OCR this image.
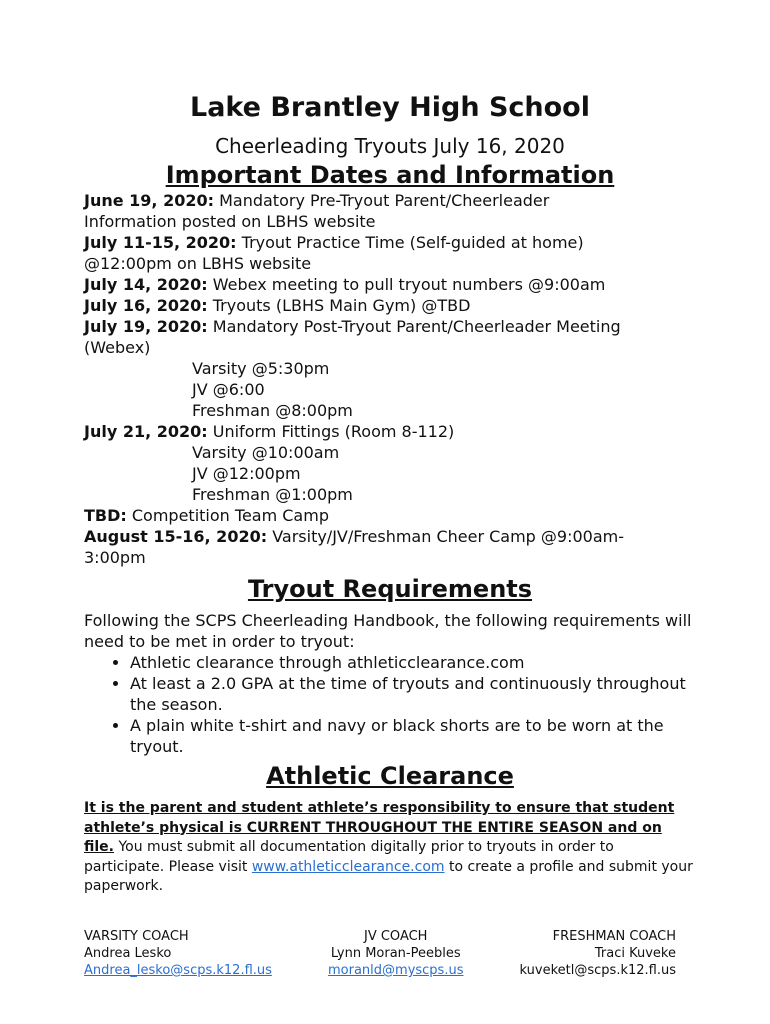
Lake Brantley High School

Cheerleading Tryouts July 16, 2020

Important Dates and Information

June 19, 2020: Mandatory Pre-Tryout Parent/Cheerleader

Information posted on LBHS website

July 11-15, 2020: Tryout Practice Time (Self-guided at home)

@12:00pm on LBHS website

July 14, 2020: Webex meeting to pull tryout numbers @9:00am

July 16, 2020: Tryouts (LBHS Main Gym) @TBD

July 19, 2020: Mandatory Post-Tryout Parent/Cheerleader Meeting

(Webex)

Varsity @5:30pm

JV @6:00

Freshman @8:00pm

July 21, 2020: Uniform Fittings (Room 8-112)

Varsity @10:00am

JV @12:00pm

Freshman @1:00pm

TBD: Competition Team Camp

August 15-16, 2020: Varsity/JV/Freshman Cheer Camp @9:00am-

3:00pm

Tryout Requirements

Following the SCPS Cheerleading Handbook, the following requirements will need to be met in order to tryout:

• Athletic clearance through athleticclearance.com
• At least a 2.0 GPA at the time of tryouts and continuously throughout the season.
• A plain white t-shirt and navy or black shorts are to be worn at the tryout.
Athletic Clearance

It is the parent and student athlete’s responsibility to ensure that student athlete’s physical is CURRENT THROUGHOUT THE ENTIRE SEASON and on file. You must submit all documentation digitally prior to tryouts in order to participate. Please visit www.athleticclearance.com to create a profile and submit your paperwork.

VARSITY COACH
Andrea Lesko
Andrea_lesko@scps.k12.fl.us
JV COACH
Lynn Moran-Peebles
moranld@myscps.us
FRESHMAN COACH
Traci Kuveke
kuveketl@scps.k12.fl.us
